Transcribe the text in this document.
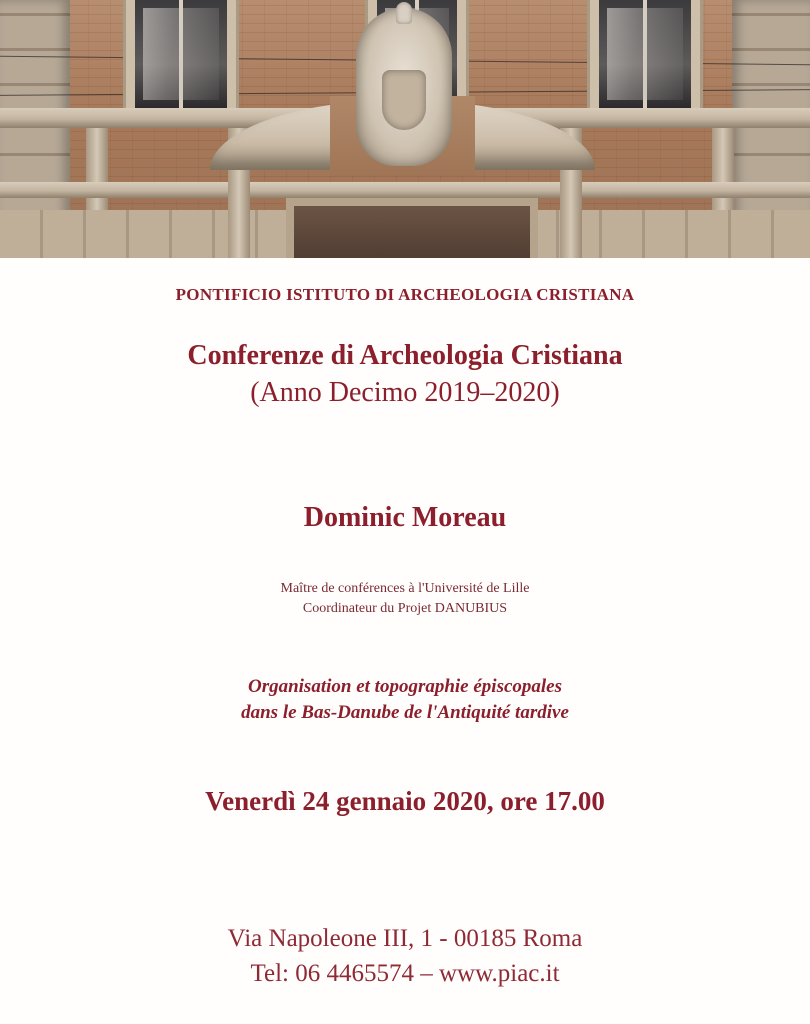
PONTIFICIO ISTITUTO DI ARCHEOLOGIA CRISTIANA

Conferenze di Archeologia Cristiana

(Anno Decimo 2019–2020)

Dominic Moreau

Maître de conférences à l'Université de Lille

Coordinateur du Projet DANUBIUS

Organisation et topographie épiscopales

dans le Bas-Danube de l'Antiquité tardive

Venerdì 24 gennaio 2020, ore 17.00

Via Napoleone III, 1 - 00185 Roma

Tel: 06 4465574 – www.piac.it
